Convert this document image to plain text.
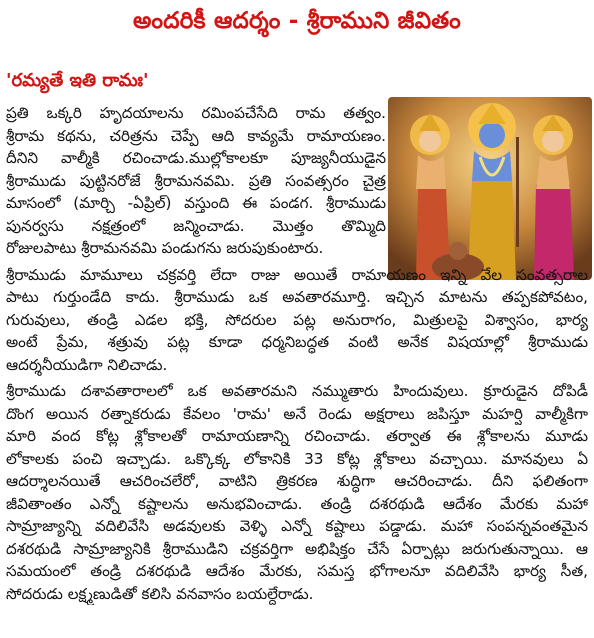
అందరికీ ఆదర్శం - శ్రీరాముని జీవితం
'రమ్యతే ఇతి రామః'
ప్రతి ఒక్కరి హృదయాలను రమింపచేసేది రామ తత్వం.
శ్రీరామ కథను, చరిత్రను చెప్పే ఆది కావ్యమే రామాయణం.
దీనిని వాల్మీకి రచించాడు.ముల్లోకాలకూ పూజ్యనీయుడైన
శ్రీరాముడు పుట్టినరోజే శ్రీరామనవమి. ప్రతి సంవత్సరం చైత్ర
మాసంలో (మార్చి -ఏప్రిల్) వస్తుంది ఈ పండగ. శ్రీరాముడు
పునర్వసు నక్షత్రంలో జన్మించాడు. మొత్తం తొమ్మిది
రోజులపాటు శ్రీరామనవమి పండుగను జరుపుకుంటారు.
శ్రీరాముడు మామూలు చక్రవర్తి లేదా రాజు అయితే రామాయణం ఇన్ని వేల సంవత్సరాల
పాటు గుర్తుండేది కాదు. శ్రీరాముడు ఒక అవతారమూర్తి. ఇచ్చిన మాటను తప్పకపోవటం,
గురువులు, తండ్రి ఎడల భక్తి, సోదరుల పట్ల అనురాగం, మిత్రులపై విశ్వాసం, భార్య
అంటే ప్రేమ, శత్రువు పట్ల కూడా ధర్మనిబద్ధత వంటి అనేక విషయాల్లో శ్రీరాముడు
ఆదర్శనీయుడిగా నిలిచాడు.
శ్రీరాముడు దశావతారాలలో ఒక అవతారమని నమ్ముతారు హిందువులు. క్రూరుడైన దోపిడీ
దొంగ అయిన రత్నాకరుడు కేవలం 'రామ' అనే రెండు అక్షరాలు జపిస్తూ మహర్షి వాల్మీకిగా
మారి వంద కోట్ల శ్లోకాలతో రామాయణాన్ని రచించాడు. తర్వాత ఈ శ్లోకాలను మూడు
లోకాలకు పంచి ఇచ్చాడు. ఒక్కొక్క లోకానికి 33 కోట్ల శ్లోకాలు వచ్చాయి. మానవులు ఏ
ఆదర్శాలనయితే ఆచరించలేరో, వాటిని త్రికరణ శుద్ధిగా ఆచరించాడు. దీని ఫలితంగా
జీవితాంతం ఎన్నో కష్టాలను అనుభవించాడు. తండ్రి దశరథుడి ఆదేశం మేరకు మహా
సామ్రాజ్యాన్ని వదిలివేసి అడవులకు వెళ్ళి ఎన్నో కష్టాలు పడ్డాడు. మహా సంపన్నవంతమైన
దశరథుడి సామ్రాజ్యానికి శ్రీరాముడిని చక్రవర్తిగా అభిషిక్తం చేసే ఏర్పాట్లు జరుగుతున్నాయి. ఆ
సమయంలో తండ్రి దశరథుడి ఆదేశం మేరకు, సమస్త భోగాలనూ వదిలివేసి భార్య సీత,
సోదరుడు లక్ష్మణుడితో కలిసి వనవాసం బయల్దేరాడు.
